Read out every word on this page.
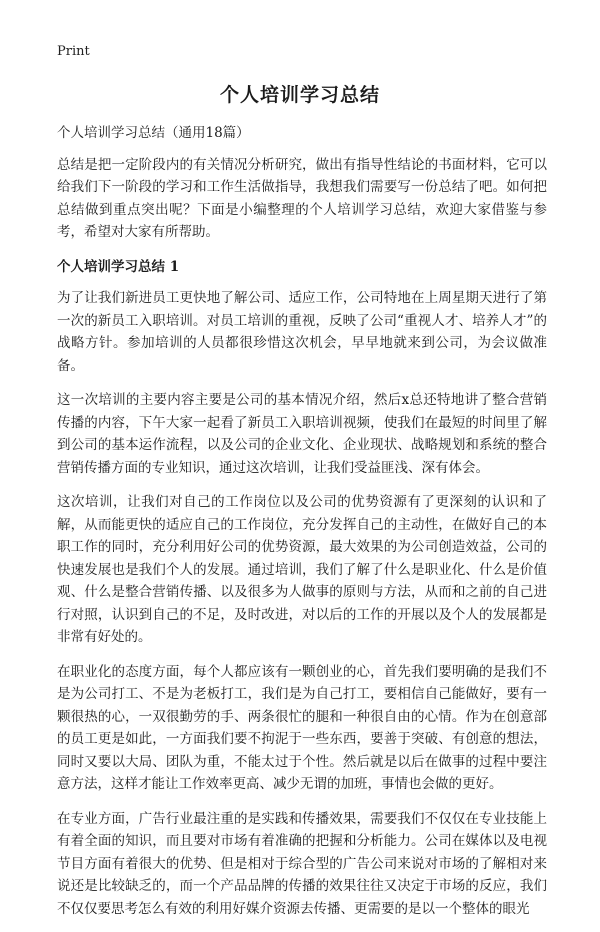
Print
个人培训学习总结

个人培训学习总结（通用18篇）

总结是把一定阶段内的有关情况分析研究，做出有指导性结论的书面材料，它可以给我们下一阶段的学习和工作生活做指导，我想我们需要写一份总结了吧。如何把总结做到重点突出呢？下面是小编整理的个人培训学习总结，欢迎大家借鉴与参考，希望对大家有所帮助。

个人培训学习总结 1

为了让我们新进员工更快地了解公司、适应工作，公司特地在上周星期天进行了第一次的新员工入职培训。对员工培训的重视，反映了公司“重视人才、培养人才”的战略方针。参加培训的人员都很珍惜这次机会，早早地就来到公司，为会议做准备。

这一次培训的主要内容主要是公司的基本情况介绍，然后x总还特地讲了整合营销传播的内容，下午大家一起看了新员工入职培训视频，使我们在最短的时间里了解到公司的基本运作流程，以及公司的企业文化、企业现状、战略规划和系统的整合营销传播方面的专业知识，通过这次培训，让我们受益匪浅、深有体会。

这次培训，让我们对自己的工作岗位以及公司的优势资源有了更深刻的认识和了解，从而能更快的适应自己的工作岗位，充分发挥自己的主动性，在做好自己的本职工作的同时，充分利用好公司的优势资源，最大效果的为公司创造效益，公司的快速发展也是我们个人的发展。通过培训，我们了解了什么是职业化、什么是价值观、什么是整合营销传播、以及很多为人做事的原则与方法，从而和之前的自己进行对照，认识到自己的不足，及时改进，对以后的工作的开展以及个人的发展都是非常有好处的。

在职业化的态度方面，每个人都应该有一颗创业的心，首先我们要明确的是我们不是为公司打工、不是为老板打工，我们是为自己打工，要相信自己能做好，要有一颗很热的心，一双很勤劳的手、两条很忙的腿和一种很自由的心情。作为在创意部的员工更是如此，一方面我们要不拘泥于一些东西，要善于突破、有创意的想法，同时又要以大局、团队为重，不能太过于个性。然后就是以后在做事的过程中要注意方法，这样才能让工作效率更高、减少无谓的加班，事情也会做的更好。

在专业方面，广告行业最注重的是实践和传播效果，需要我们不仅仅在专业技能上有着全面的知识，而且要对市场有着准确的把握和分析能力。公司在媒体以及电视节目方面有着很大的优势、但是相对于综合型的广告公司来说对市场的了解相对来说还是比较缺乏的，而一个产品品牌的传播的效果往往又决定于市场的反应，我们不仅仅要思考怎么有效的利用好媒介资源去传播、更需要的是以一个整体的眼光
